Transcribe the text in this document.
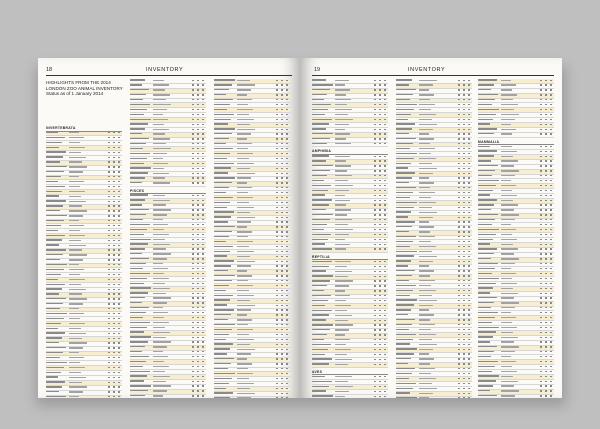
18	INVENTORY
HIGHLIGHTS FROM THE 2014
LONDON ZOO ANIMAL INVENTORY
Status as of 1 January 2014
INVERTEBRATA
PISCES
19	INVENTORY
AMPHIBIA
REPTILIA
AVES
MAMMALIA
